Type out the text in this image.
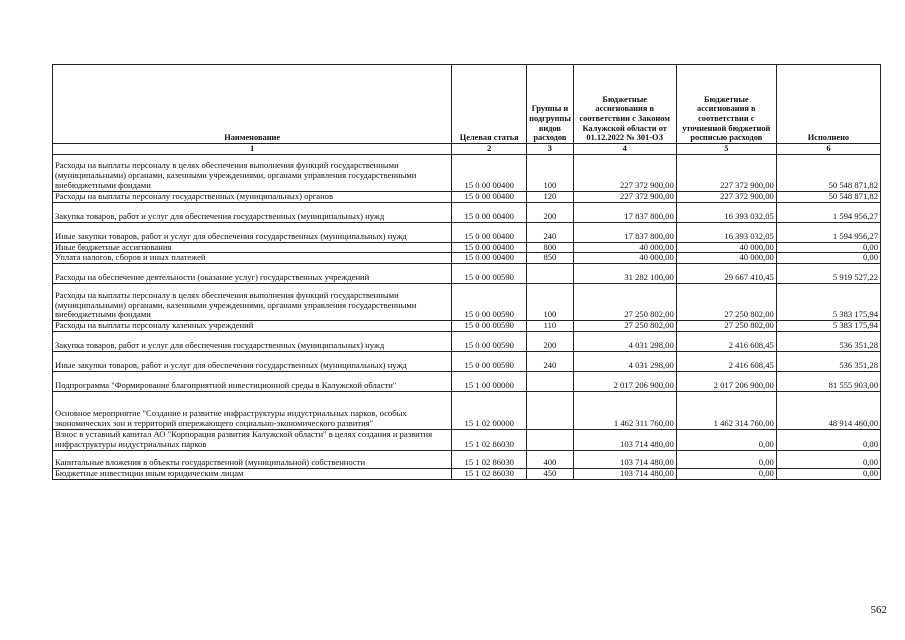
Наименование	Целевая статья	Группы и подгруппы видов расходов	Бюджетные ассигнования в соответствии с Законом Калужской области от 01.12.2022 № 301-ОЗ	Бюджетные ассигнования в соответствии с уточненной бюджетной росписью расходов	Исполнено
1	2	3	4	5	6
Расходы на выплаты персоналу в целях обеспечения выполнения функций государственными (муниципальными) органами, казенными учреждениями, органами управления государственными внебюджетными фондами	15 0 00 00400	100	227 372 900,00	227 372 900,00	50 548 871,82
Расходы на выплаты персоналу государственных (муниципальных) органов	15 0 00 00400	120	227 372 900,00	227 372 900,00	50 548 871,82
Закупка товаров, работ и услуг для обеспечения государственных (муниципальных) нужд	15 0 00 00400	200	17 837 800,00	16 393 032,05	1 594 956,27
Иные закупки товаров, работ и услуг для обеспечения государственных (муниципальных) нужд	15 0 00 00400	240	17 837 800,00	16 393 032,05	1 594 956,27
Иные бюджетные ассигнования	15 0 00 00400	800	40 000,00	40 000,00	0,00
Уплата налогов, сборов и иных платежей	15 0 00 00400	850	40 000,00	40 000,00	0,00
Расходы на обеспечение деятельности (оказание услуг) государственных учреждений	15 0 00 00590		31 282 100,00	29 667 410,45	5 919 527,22
Расходы на выплаты персоналу в целях обеспечения выполнения функций государственными (муниципальными) органами, казенными учреждениями, органами управления государственными внебюджетными фондами	15 0 00 00590	100	27 250 802,00	27 250 802,00	5 383 175,94
Расходы на выплаты персоналу казенных учреждений	15 0 00 00590	110	27 250 802,00	27 250 802,00	5 383 175,94
Закупка товаров, работ и услуг для обеспечения государственных (муниципальных) нужд	15 0 00 00590	200	4 031 298,00	2 416 608,45	536 351,28
Иные закупки товаров, работ и услуг для обеспечения государственных (муниципальных) нужд	15 0 00 00590	240	4 031 298,00	2 416 608,45	536 351,28
Подпрограмма "Формирование благоприятной инвестиционной среды в Калужской области"	15 1 00 00000		2 017 206 900,00	2 017 206 900,00	81 555 903,00
Основное мероприятие "Создание и развитие инфраструктуры индустриальных парков, особых экономических зон и территорий опережающего социально-экономического развития"	15 1 02 00000		1 462 311 760,00	1 462 314 760,00	48 914 460,00
Взнос в уставный капитал АО "Корпорация развития Калужской области" в целях создания и развития инфраструктуры индустриальных парков	15 1 02 86030		103 714 480,00	0,00	0,00
Капитальные вложения в объекты государственной (муниципальной) собственности	15 1 02 86030	400	103 714 480,00	0,00	0,00
Бюджетные инвестиции иным юридическим лицам	15 1 02 86030	450	103 714 480,00	0,00	0,00
562
